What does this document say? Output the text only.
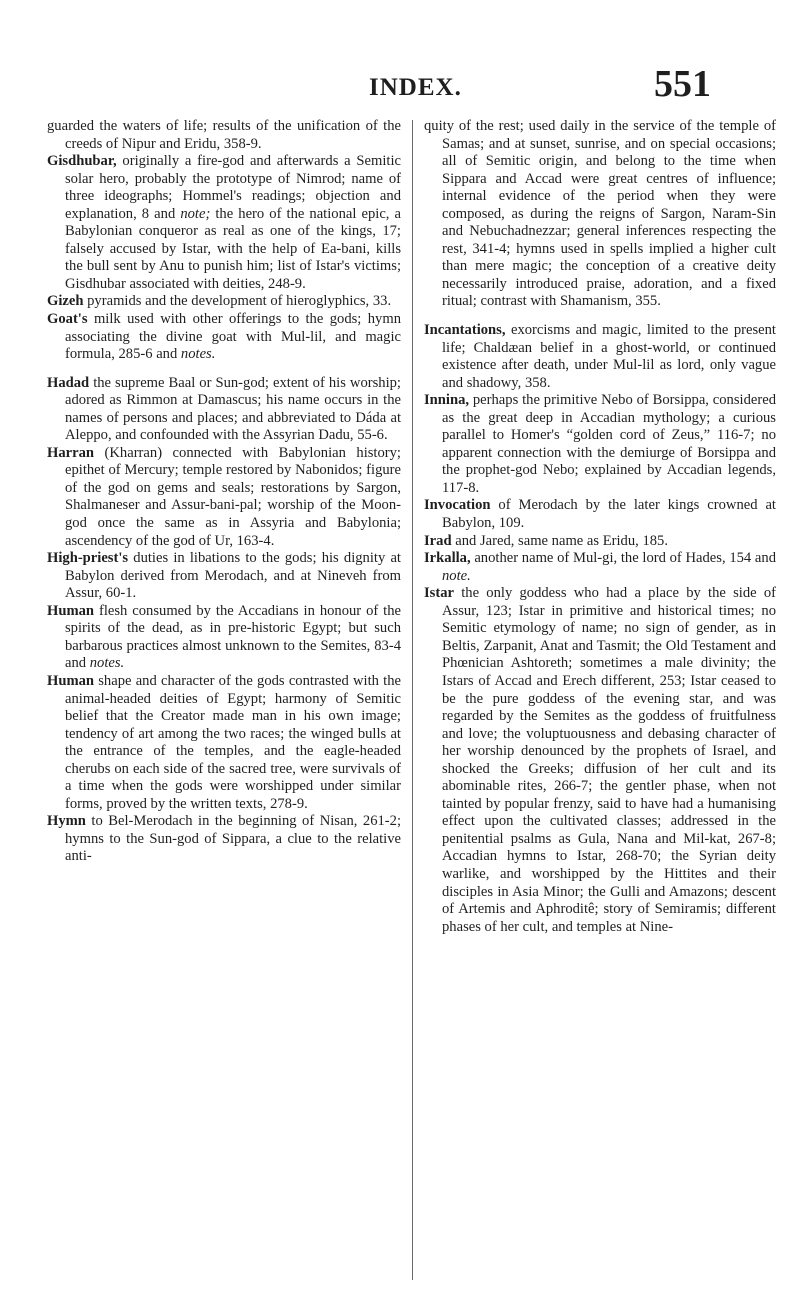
INDEX.	551

guarded the waters of life; results of the unification of the creeds of Nipur and Eridu, 358-9.

Gisdhubar, originally a fire-god and afterwards a Semitic solar hero, probably the prototype of Nimrod; name of three ideographs; Hommel's readings; objection and explanation, 8 and note; the hero of the national epic, a Babylonian conqueror as real as one of the kings, 17; falsely accused by Istar, with the help of Ea-bani, kills the bull sent by Anu to punish him; list of Istar's victims; Gisdhubar associated with deities, 248-9.

Gizeh pyramids and the development of hieroglyphics, 33.

Goat's milk used with other offerings to the gods; hymn associating the divine goat with Mul-lil, and magic formula, 285-6 and notes.

Hadad the supreme Baal or Sun-god; extent of his worship; adored as Rimmon at Damascus; his name occurs in the names of persons and places; and abbreviated to Dáda at Aleppo, and confounded with the Assyrian Dadu, 55-6.

Harran (Kharran) connected with Babylonian history; epithet of Mercury; temple restored by Nabonidos; figure of the god on gems and seals; restorations by Sargon, Shalmaneser and Assur-bani-pal; worship of the Moon-god once the same as in Assyria and Babylonia; ascendency of the god of Ur, 163-4.

High-priest's duties in libations to the gods; his dignity at Babylon derived from Merodach, and at Nineveh from Assur, 60-1.

Human flesh consumed by the Accadians in honour of the spirits of the dead, as in pre-historic Egypt; but such barbarous practices almost unknown to the Semites, 83-4 and notes.

Human shape and character of the gods contrasted with the animal-headed deities of Egypt; harmony of Semitic belief that the Creator made man in his own image; tendency of art among the two races; the winged bulls at the entrance of the temples, and the eagle-headed cherubs on each side of the sacred tree, were survivals of a time when the gods were worshipped under similar forms, proved by the written texts, 278-9.

Hymn to Bel-Merodach in the beginning of Nisan, 261-2; hymns to the Sun-god of Sippara, a clue to the relative anti-

quity of the rest; used daily in the service of the temple of Samas; and at sunset, sunrise, and on special occasions; all of Semitic origin, and belong to the time when Sippara and Accad were great centres of influence; internal evidence of the period when they were composed, as during the reigns of Sargon, Naram-Sin and Nebuchadnezzar; general inferences respecting the rest, 341-4; hymns used in spells implied a higher cult than mere magic; the conception of a creative deity necessarily introduced praise, adoration, and a fixed ritual; contrast with Shamanism, 355.

Incantations, exorcisms and magic, limited to the present life; Chaldæan belief in a ghost-world, or continued existence after death, under Mul-lil as lord, only vague and shadowy, 358.

Innina, perhaps the primitive Nebo of Borsippa, considered as the great deep in Accadian mythology; a curious parallel to Homer's “golden cord of Zeus,” 116-7; no apparent connection with the demiurge of Borsippa and the prophet-god Nebo; explained by Accadian legends, 117-8.

Invocation of Merodach by the later kings crowned at Babylon, 109.

Irad and Jared, same name as Eridu, 185.

Irkalla, another name of Mul-gi, the lord of Hades, 154 and note.

Istar the only goddess who had a place by the side of Assur, 123; Istar in primitive and historical times; no Semitic etymology of name; no sign of gender, as in Beltis, Zarpanit, Anat and Tasmit; the Old Testament and Phœnician Ashtoreth; sometimes a male divinity; the Istars of Accad and Erech different, 253; Istar ceased to be the pure goddess of the evening star, and was regarded by the Semites as the goddess of fruitfulness and love; the voluptuousness and debasing character of her worship denounced by the prophets of Israel, and shocked the Greeks; diffusion of her cult and its abominable rites, 266-7; the gentler phase, when not tainted by popular frenzy, said to have had a humanising effect upon the cultivated classes; addressed in the penitential psalms as Gula, Nana and Mil-kat, 267-8; Accadian hymns to Istar, 268-70; the Syrian deity warlike, and worshipped by the Hittites and their disciples in Asia Minor; the Gulli and Amazons; descent of Artemis and Aphroditê; story of Semiramis; different phases of her cult, and temples at Nine-
